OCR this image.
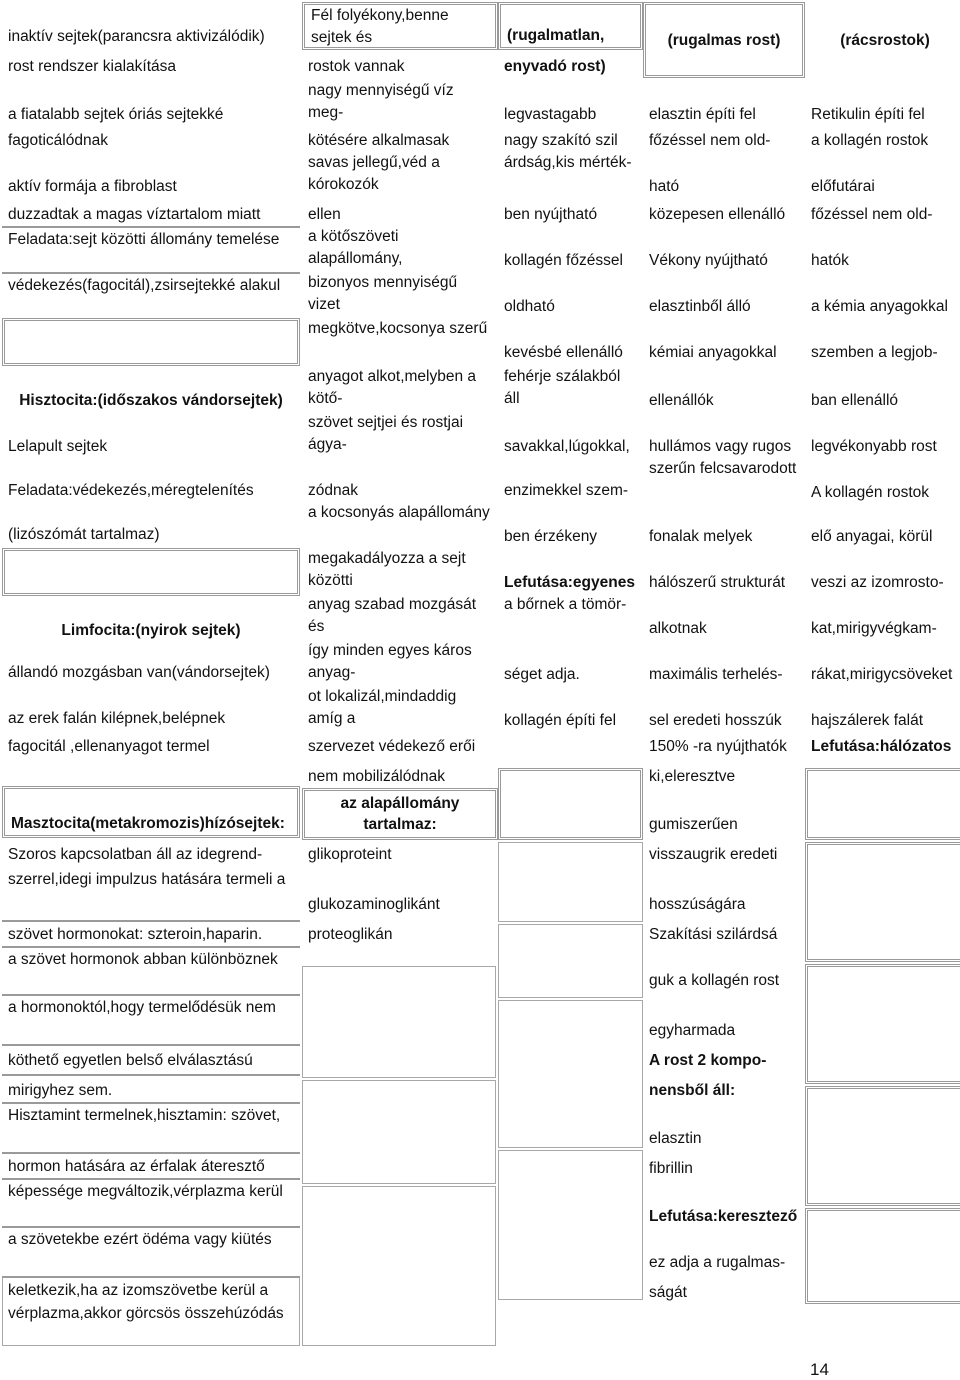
inaktív sejtek(parancsra aktivizálódik)
rost rendszer kialakítása
a fiatalabb sejtek óriás sejtekké
fagoticálódnak
aktív formája a fibroblast
duzzadtak a magas víztartalom miatt
Feladata:sejt közötti állomány temelése
védekezés(fagocitál),zsirsejtekké alakul
Hisztocita:(időszakos vándorsejtek)
Lelapult sejtek
Feladata:védekezés,méregtelenítés
(lizószómát tartalmaz)
Limfocita:(nyirok sejtek)
állandó mozgásban van(vándorsejtek)
az erek falán kilépnek,belépnek
fagocitál ,ellenanyagot termel
Masztocita(metakromozis)hízósejtek:
Szoros kapcsolatban áll az idegrend-
szerrel,idegi impulzus hatására termeli a
szövet hormonokat: szteroin,haparin.
a szövet hormonok abban különböznek
a hormonoktól,hogy termelődésük nem
köthető egyetlen belső elválasztású
mirigyhez sem.
Hisztamint termelnek,hisztamin: szövet,
hormon hatására az érfalak áteresztő
képessége megváltozik,vérplazma kerül
a szövetekbe ezért ödéma vagy kiütés
keletkezik,ha az izomszövetbe kerül a
vérplazma,akkor görcsös összehúzódás
Fél folyékony,benne sejtek és
rostok vannak
nagy mennyiségű víz meg-
kötésére alkalmasak
savas jellegű,véd a kórokozók
ellen
a kötőszöveti alapállomány,
bizonyos mennyiségű vizet
megkötve,kocsonya szerű
anyagot alkot,melyben a kötő-
szövet sejtjei és rostjai ágya-
zódnak
a kocsonyás alapállomány
megakadályozza a sejt közötti
anyag szabad mozgását és
így minden egyes káros anyag-
ot lokalizál,mindaddig amíg a
szervezet védekező erői
nem mobilizálódnak
az alapállomány tartalmaz:
glikoproteint
glukozaminoglikánt
proteoglikán
(rugalmatlan,
enyvadó rost)
legvastagabb
nagy szakító szil
árdság,kis mérték-
ben nyújtható
kollagén főzéssel
oldható
kevésbé ellenálló
fehérje szálakból áll
savakkal,lúgokkal,
enzimekkel szem-
ben érzékeny
Lefutása:egyenes
a bőrnek a tömör-
séget adja.
kollagén építi fel
(rugalmas rost)
elasztin építi fel
főzéssel nem old-
ható
közepesen ellenálló
Vékony nyújtható
elasztinből álló
kémiai anyagokkal
ellenállók
hullámos vagy rugos
szerűn felcsavarodott
fonalak melyek
hálószerű strukturát
alkotnak
maximális terhelés-
sel eredeti hosszúk
150% -ra nyújthatók
ki,eleresztve
gumiszerűen
visszaugrik eredeti
hosszúságára
Szakítási szilárdsá
guk a kollagén rost
egyharmada
A rost 2 kompo-
nensből áll:
elasztin
fibrillin
Lefutása:keresztező
ez adja a rugalmas-
ságát
(rácsrostok)
Retikulin építi fel
a kollagén rostok
előfutárai
főzéssel nem old-
hatók
a kémia anyagokkal
szemben a legjob-
ban ellenálló
legvékonyabb rost
A kollagén rostok
elő anyagai, körül
veszi az izomrosto-
kat,mirigyvégkam-
rákat,mirigycsöveket
hajszálerek falát
Lefutása:hálózatos
14
